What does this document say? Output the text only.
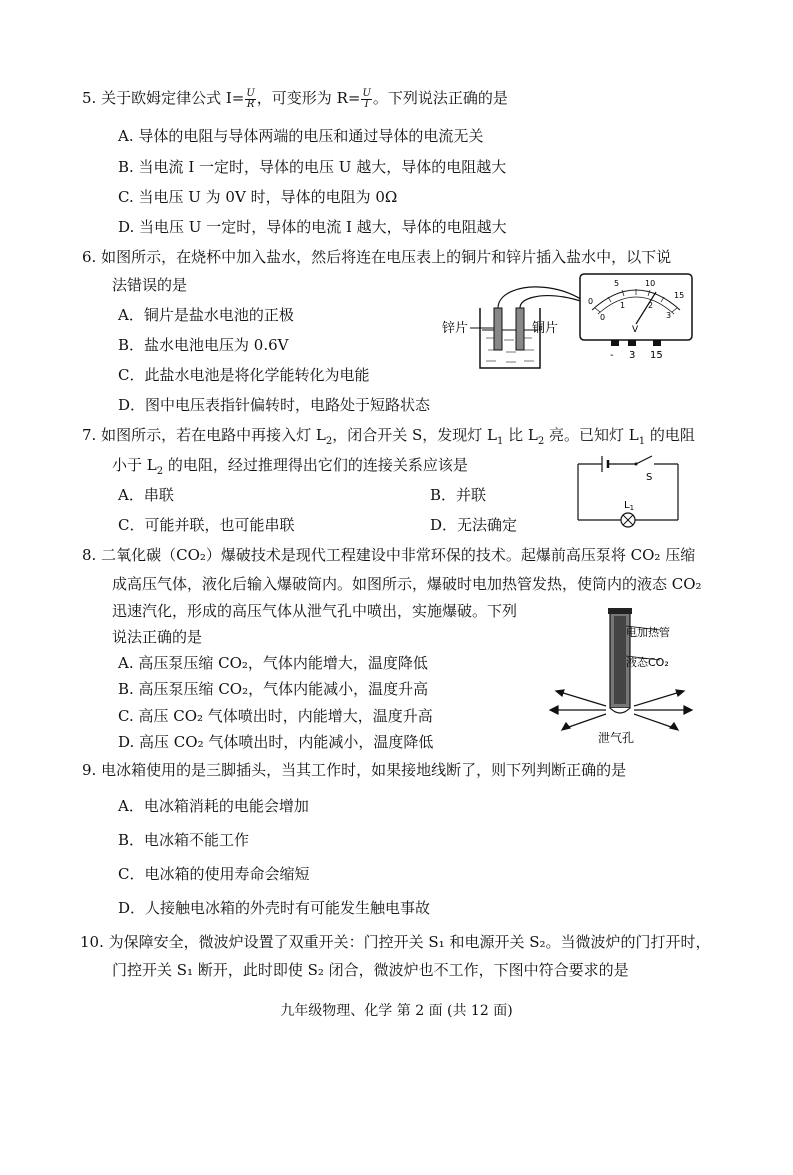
5. 关于欧姆定律公式 $I= \frac{U}{R}$ ，可变形为 $R= \frac{U}{I}$ 。下列说法正确的是
A. 导体的电阻与导体两端的电压和通过导体的电流无关
B. 当电流 I 一定时，导体的电压 U 越大，导体的电阻越大
C. 当电压 U 为 0V 时，导体的电阻为 0Ω
D. 当电压 U 一定时，导体的电流 I 越大，导体的电阻越大
6. 如图所示，在烧杯中加入盐水，然后将连在电压表上的铜片和锌片插入盐水中，以下说
法错误的是
A．铜片是盐水电池的正极
B．盐水电池电压为 0.6V
C．此盐水电池是将化学能转化为电能
D．图中电压表指针偏转时，电路处于短路状态
锌片	铜片
0
5	10
15
0
1	2
3
V
- 3 15
7. 如图所示，若在电路中再接入灯 $L_2$，闭合开关 S，发现灯 $L_1$ 比 $L_2$ 亮。已知灯 $L_1$ 的电阻
小于 $L_2$ 的电阻，经过推理得出它们的连接关系应该是
A．串联	B．并联
C．可能并联，也可能串联	D．无法确定
S
$L_1$
8. 二氧化碳（CO₂）爆破技术是现代工程建设中非常环保的技术。起爆前高压泵将 CO₂ 压缩
成高压气体，液化后输入爆破筒内。如图所示，爆破时电加热管发热，使筒内的液态 CO₂
迅速汽化，形成的高压气体从泄气孔中喷出，实施爆破。下列
说法正确的是
A. 高压泵压缩 CO₂，气体内能增大，温度降低
B. 高压泵压缩 CO₂，气体内能减小，温度升高
C. 高压 CO₂ 气体喷出时，内能增大，温度升高
D. 高压 CO₂ 气体喷出时，内能减小，温度降低
电加热管
液态CO₂
泄气孔
9. 电冰箱使用的是三脚插头，当其工作时，如果接地线断了，则下列判断正确的是
A．电冰箱消耗的电能会增加
B．电冰箱不能工作
C．电冰箱的使用寿命会缩短
D．人接触电冰箱的外壳时有可能发生触电事故
10. 为保障安全，微波炉设置了双重开关：门控开关 S₁ 和电源开关 S₂。当微波炉的门打开时，
门控开关 S₁ 断开，此时即使 S₂ 闭合，微波炉也不工作，下图中符合要求的是
九年级物理、化学 第 2 面 (共 12 面)
